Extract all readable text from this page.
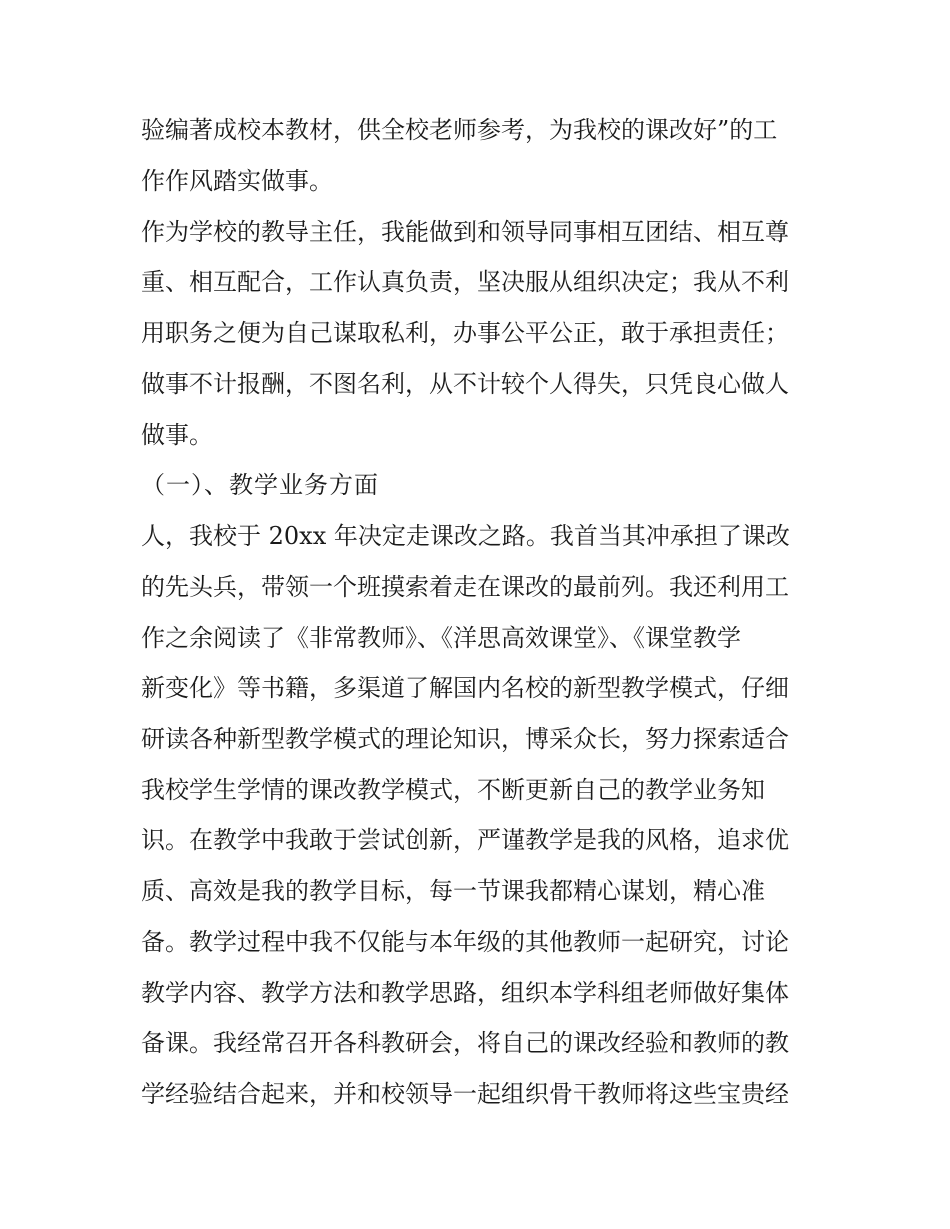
验编著成校本教材，供全校老师参考，为我校的课改好”的工
作作风踏实做事。
作为学校的教导主任，我能做到和领导同事相互团结、相互尊
重、相互配合，工作认真负责，坚决服从组织决定；我从不利
用职务之便为自己谋取私利，办事公平公正，敢于承担责任；
做事不计报酬，不图名利，从不计较个人得失，只凭良心做人
做事。
（一）、教学业务方面
人，我校于 20xx 年决定走课改之路。我首当其冲承担了课改
的先头兵，带领一个班摸索着走在课改的最前列。我还利用工
作之余阅读了《非常教师》、《洋思高效课堂》、《课堂教学
新变化》等书籍，多渠道了解国内名校的新型教学模式，仔细
研读各种新型教学模式的理论知识，博采众长，努力探索适合
我校学生学情的课改教学模式，不断更新自己的教学业务知
识。在教学中我敢于尝试创新，严谨教学是我的风格，追求优
质、高效是我的教学目标，每一节课我都精心谋划，精心准
备。教学过程中我不仅能与本年级的其他教师一起研究，讨论
教学内容、教学方法和教学思路，组织本学科组老师做好集体
备课。我经常召开各科教研会，将自己的课改经验和教师的教
学经验结合起来，并和校领导一起组织骨干教师将这些宝贵经
